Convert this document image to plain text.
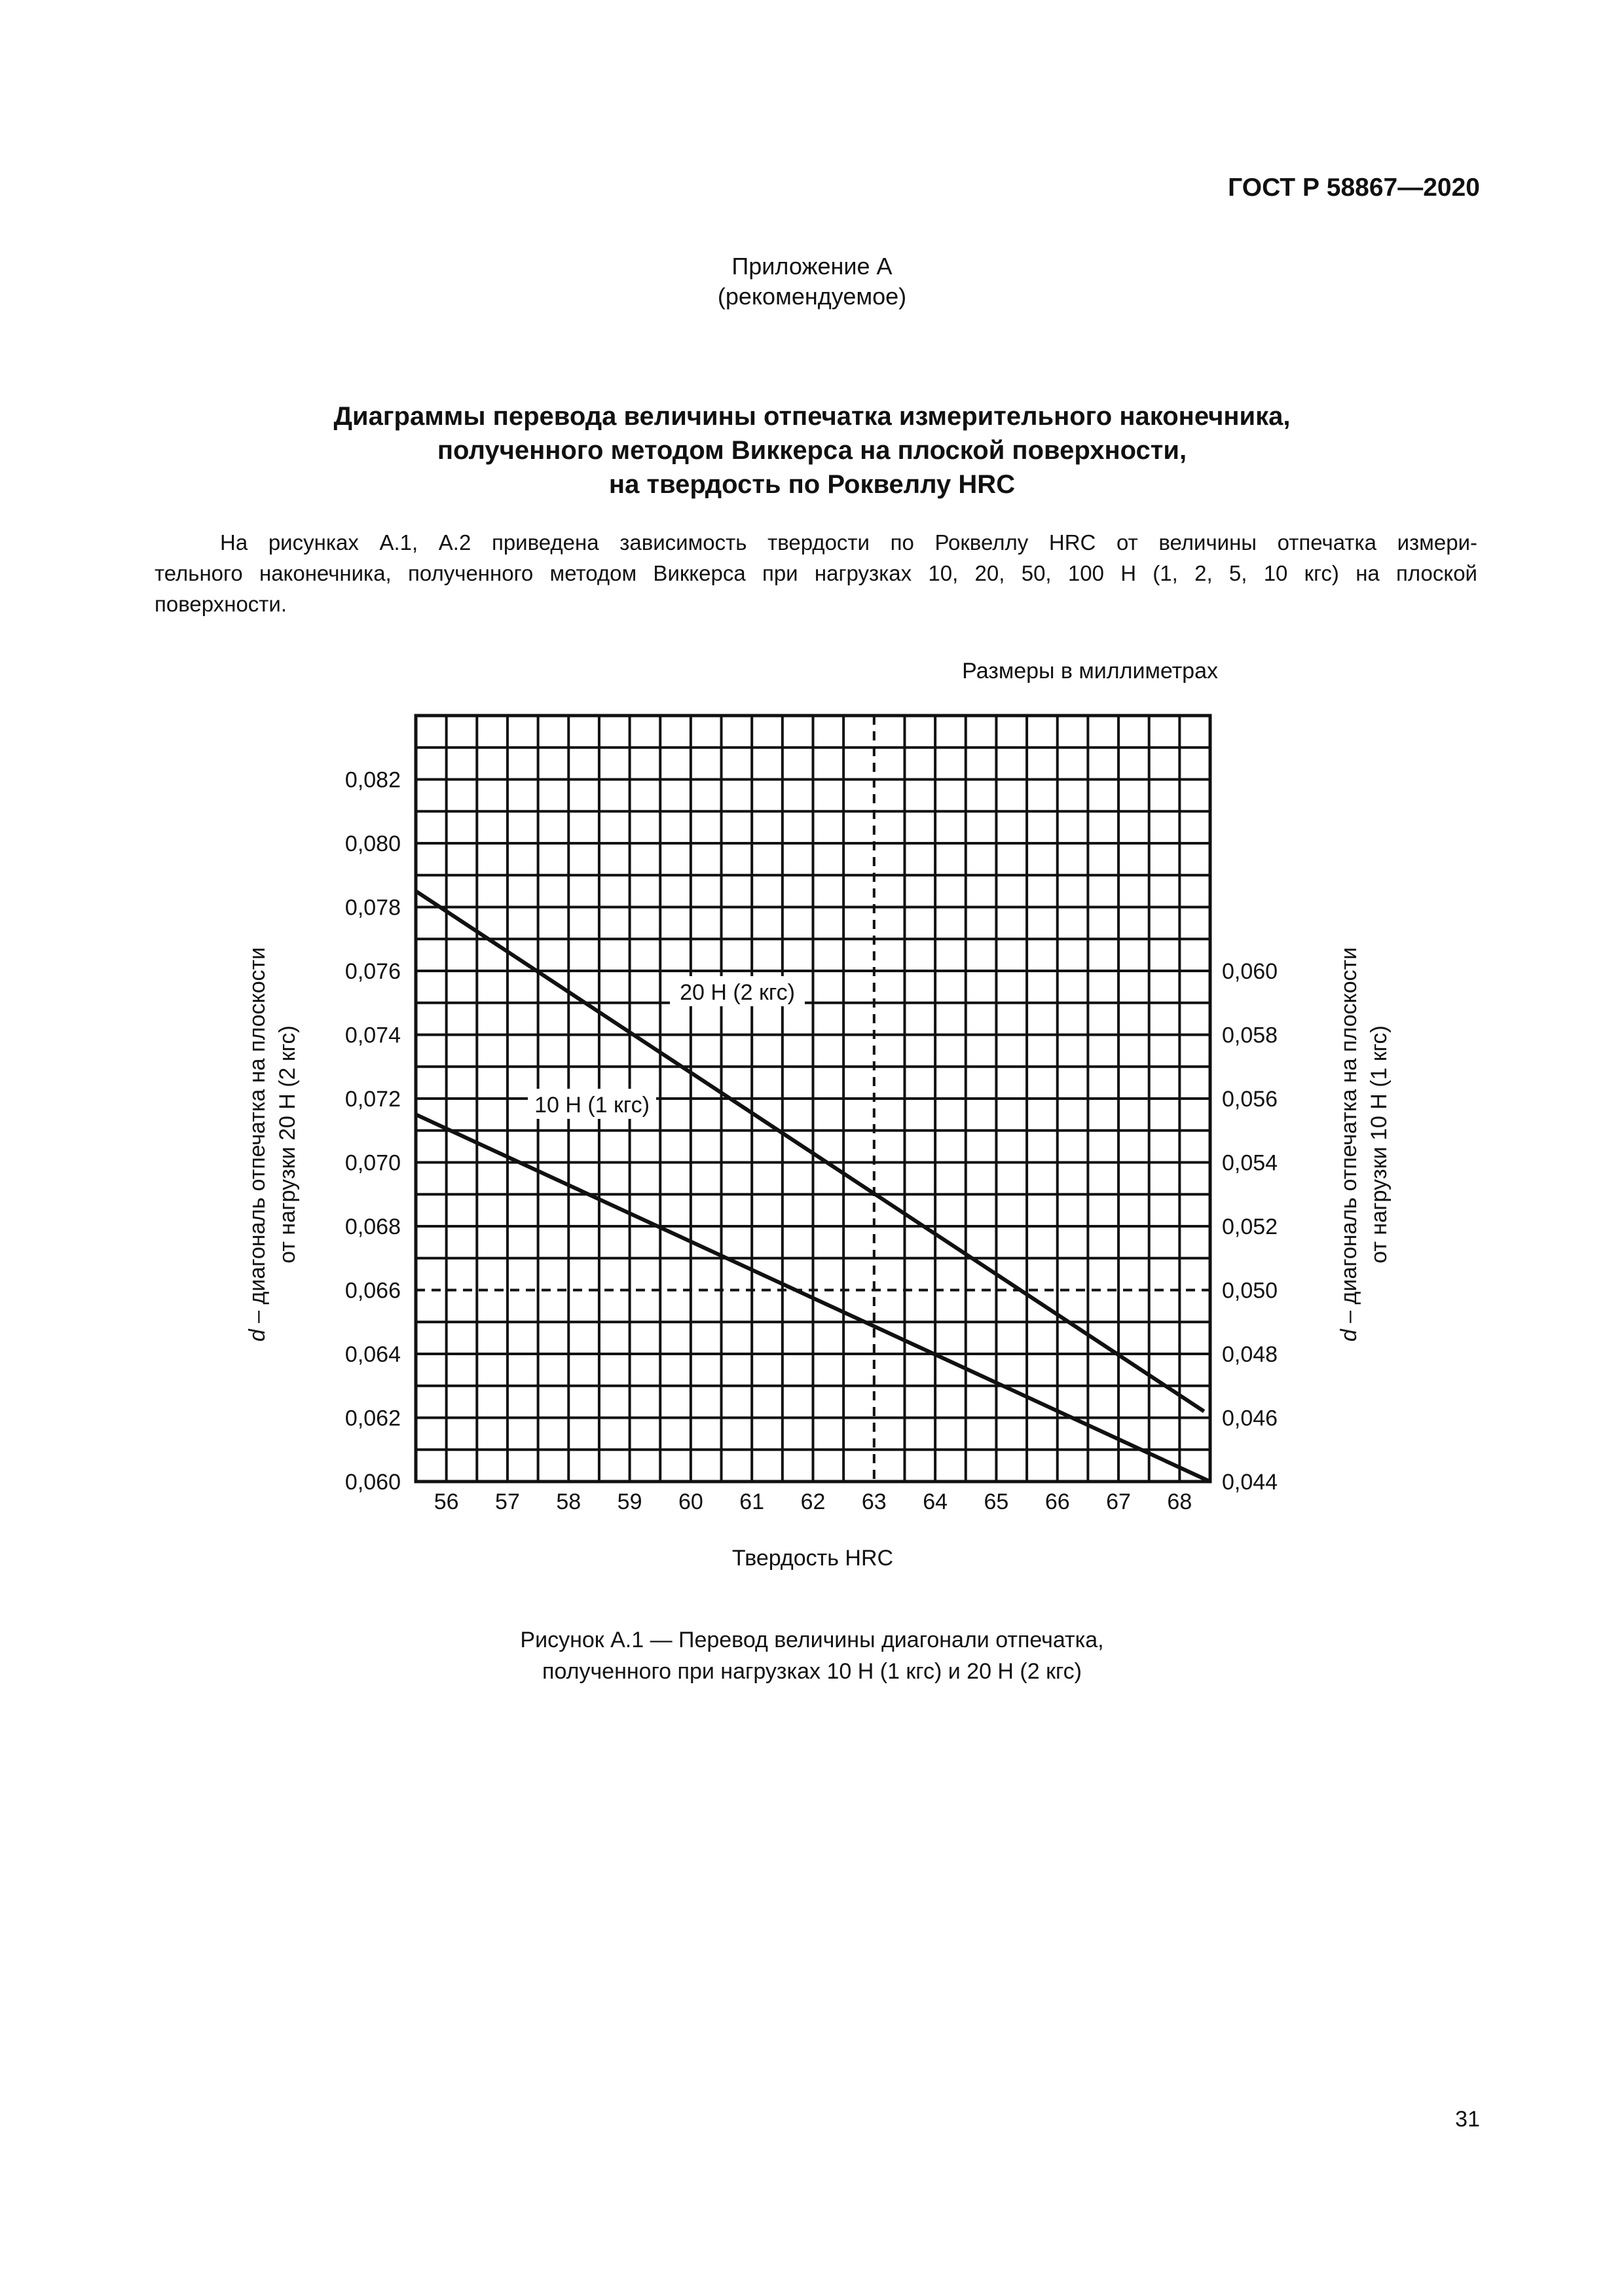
ГОСТ Р 58867—2020
Приложение А
(рекомендуемое)
Диаграммы перевода величины отпечатка измерительного наконечника,
полученного методом Виккерса на плоской поверхности,
на твердость по Роквеллу HRC
На рисунках А.1, А.2 приведена зависимость твердости по Роквеллу HRC от величины отпечатка измери-
тельного наконечника, полученного методом Виккерса при нагрузках 10, 20, 50, 100 Н (1, 2, 5, 10 кгс) на плоской
поверхности.
Размеры в миллиметрах
56 57 58 59 60 61 62 63 64 65 66 67 68
0,060
0,062
0,064
0,066
0,068
0,070
0,072
0,074
0,076
0,078
0,080
0,082
0,044
0,046
0,048
0,050
0,052
0,054
0,056
0,058
0,060
20 Н (2 кгс)
10 Н (1 кгс)
Твердость HRC
d – диагональ отпечатка на плоскости от нагрузки 20 Н (2 кгс)
d – диагональ отпечатка на плоскости от нагрузки 10 Н (1 кгс)
Рисунок А.1 — Перевод величины диагонали отпечатка,
полученного при нагрузках 10 Н (1 кгс) и 20 Н (2 кгс)
31
